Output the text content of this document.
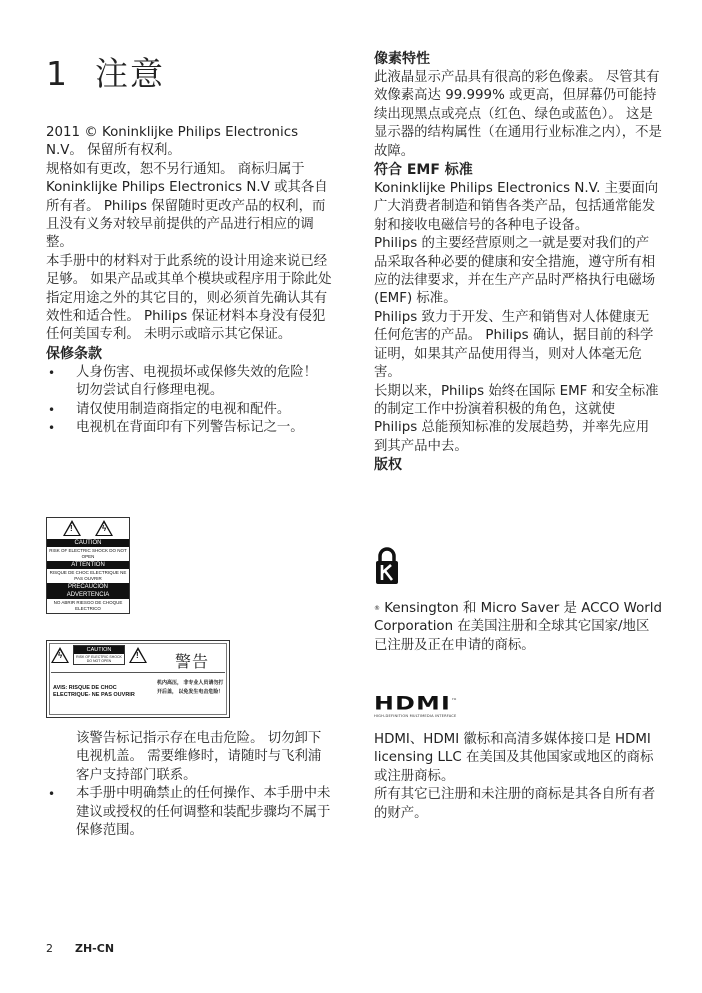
1 注意

2011 © Koninklijke Philips Electronics N.V。 保留所有权利。

规格如有更改，恕不另行通知。 商标归属于 Koninklijke Philips Electronics N.V 或其各自所有者。 Philips 保留随时更改产品的权利，而且没有义务对较早前提供的产品进行相应的调整。

本手册中的材料对于此系统的设计用途来说已经足够。 如果产品或其单个模块或程序用于除此处指定用途之外的其它目的，则必须首先确认其有效性和适合性。 Philips 保证材料本身没有侵犯任何美国专利。 未明示或暗示其它保证。

保修条款

• 人身伤害、电视损坏或保修失效的危险！ 切勿尝试自行修理电视。
• 请仅使用制造商指定的电视和配件。
• 电视机在背面印有下列警告标记之一。
!	ϟ
CAUTION
RISK OF ELECTRIC SHOCK DO NOT OPEN
ATTENTION
RISQUE DE CHOC ELECTRIQUE NE PAS OUVRIR
PRECAUCION ADVERTENCIA
NO ABRIR RIESGO DE CHOQUE ELECTRICO
ϟ
CAUTION
RISK OF ELECTRIC SHOCK DO NOT OPEN
! 警告
AVIS: RISQUE DE CHOC ELECTRIQUE- NE PAS OUVRIR
机内高压， 非专业人员请勿打开后盖， 以免发生电击危险！

该警告标记指示存在电击危险。 切勿卸下电视机盖。 需要维修时，请随时与飞利浦客户支持部门联系。

• 本手册中明确禁止的任何操作、本手册中未建议或授权的任何调整和装配步骤均不属于保修范围。

像素特性

此液晶显示产品具有很高的彩色像素。 尽管其有效像素高达 99.999% 或更高，但屏幕仍可能持续出现黑点或亮点（红色、绿色或蓝色）。 这是显示器的结构属性（在通用行业标准之内），不是故障。

符合 EMF 标准

Koninklijke Philips Electronics N.V. 主要面向广大消费者制造和销售各类产品，包括通常能发射和接收电磁信号的各种电子设备。

Philips 的主要经营原则之一就是要对我们的产品采取各种必要的健康和安全措施，遵守所有相应的法律要求，并在生产产品时严格执行电磁场 (EMF) 标准。

Philips 致力于开发、生产和销售对人体健康无任何危害的产品。 Philips 确认，据目前的科学证明，如果其产品使用得当，则对人体毫无危害。

长期以来，Philips 始终在国际 EMF 和安全标准的制定工作中扮演着积极的角色，这就使 Philips 总能预知标准的发展趋势，并率先应用到其产品中去。

版权

® Kensington 和 Micro Saver 是 ACCO World Corporation 在美国注册和全球其它国家/地区已注册及正在申请的商标。

HDMI™
HIGH-DEFINITION MULTIMEDIA INTERFACE

HDMI、HDMI 徽标和高清多媒体接口是 HDMI licensing LLC 在美国及其他国家或地区的商标或注册商标。

所有其它已注册和未注册的商标是其各自所有者的财产。

2 ZH-CN
